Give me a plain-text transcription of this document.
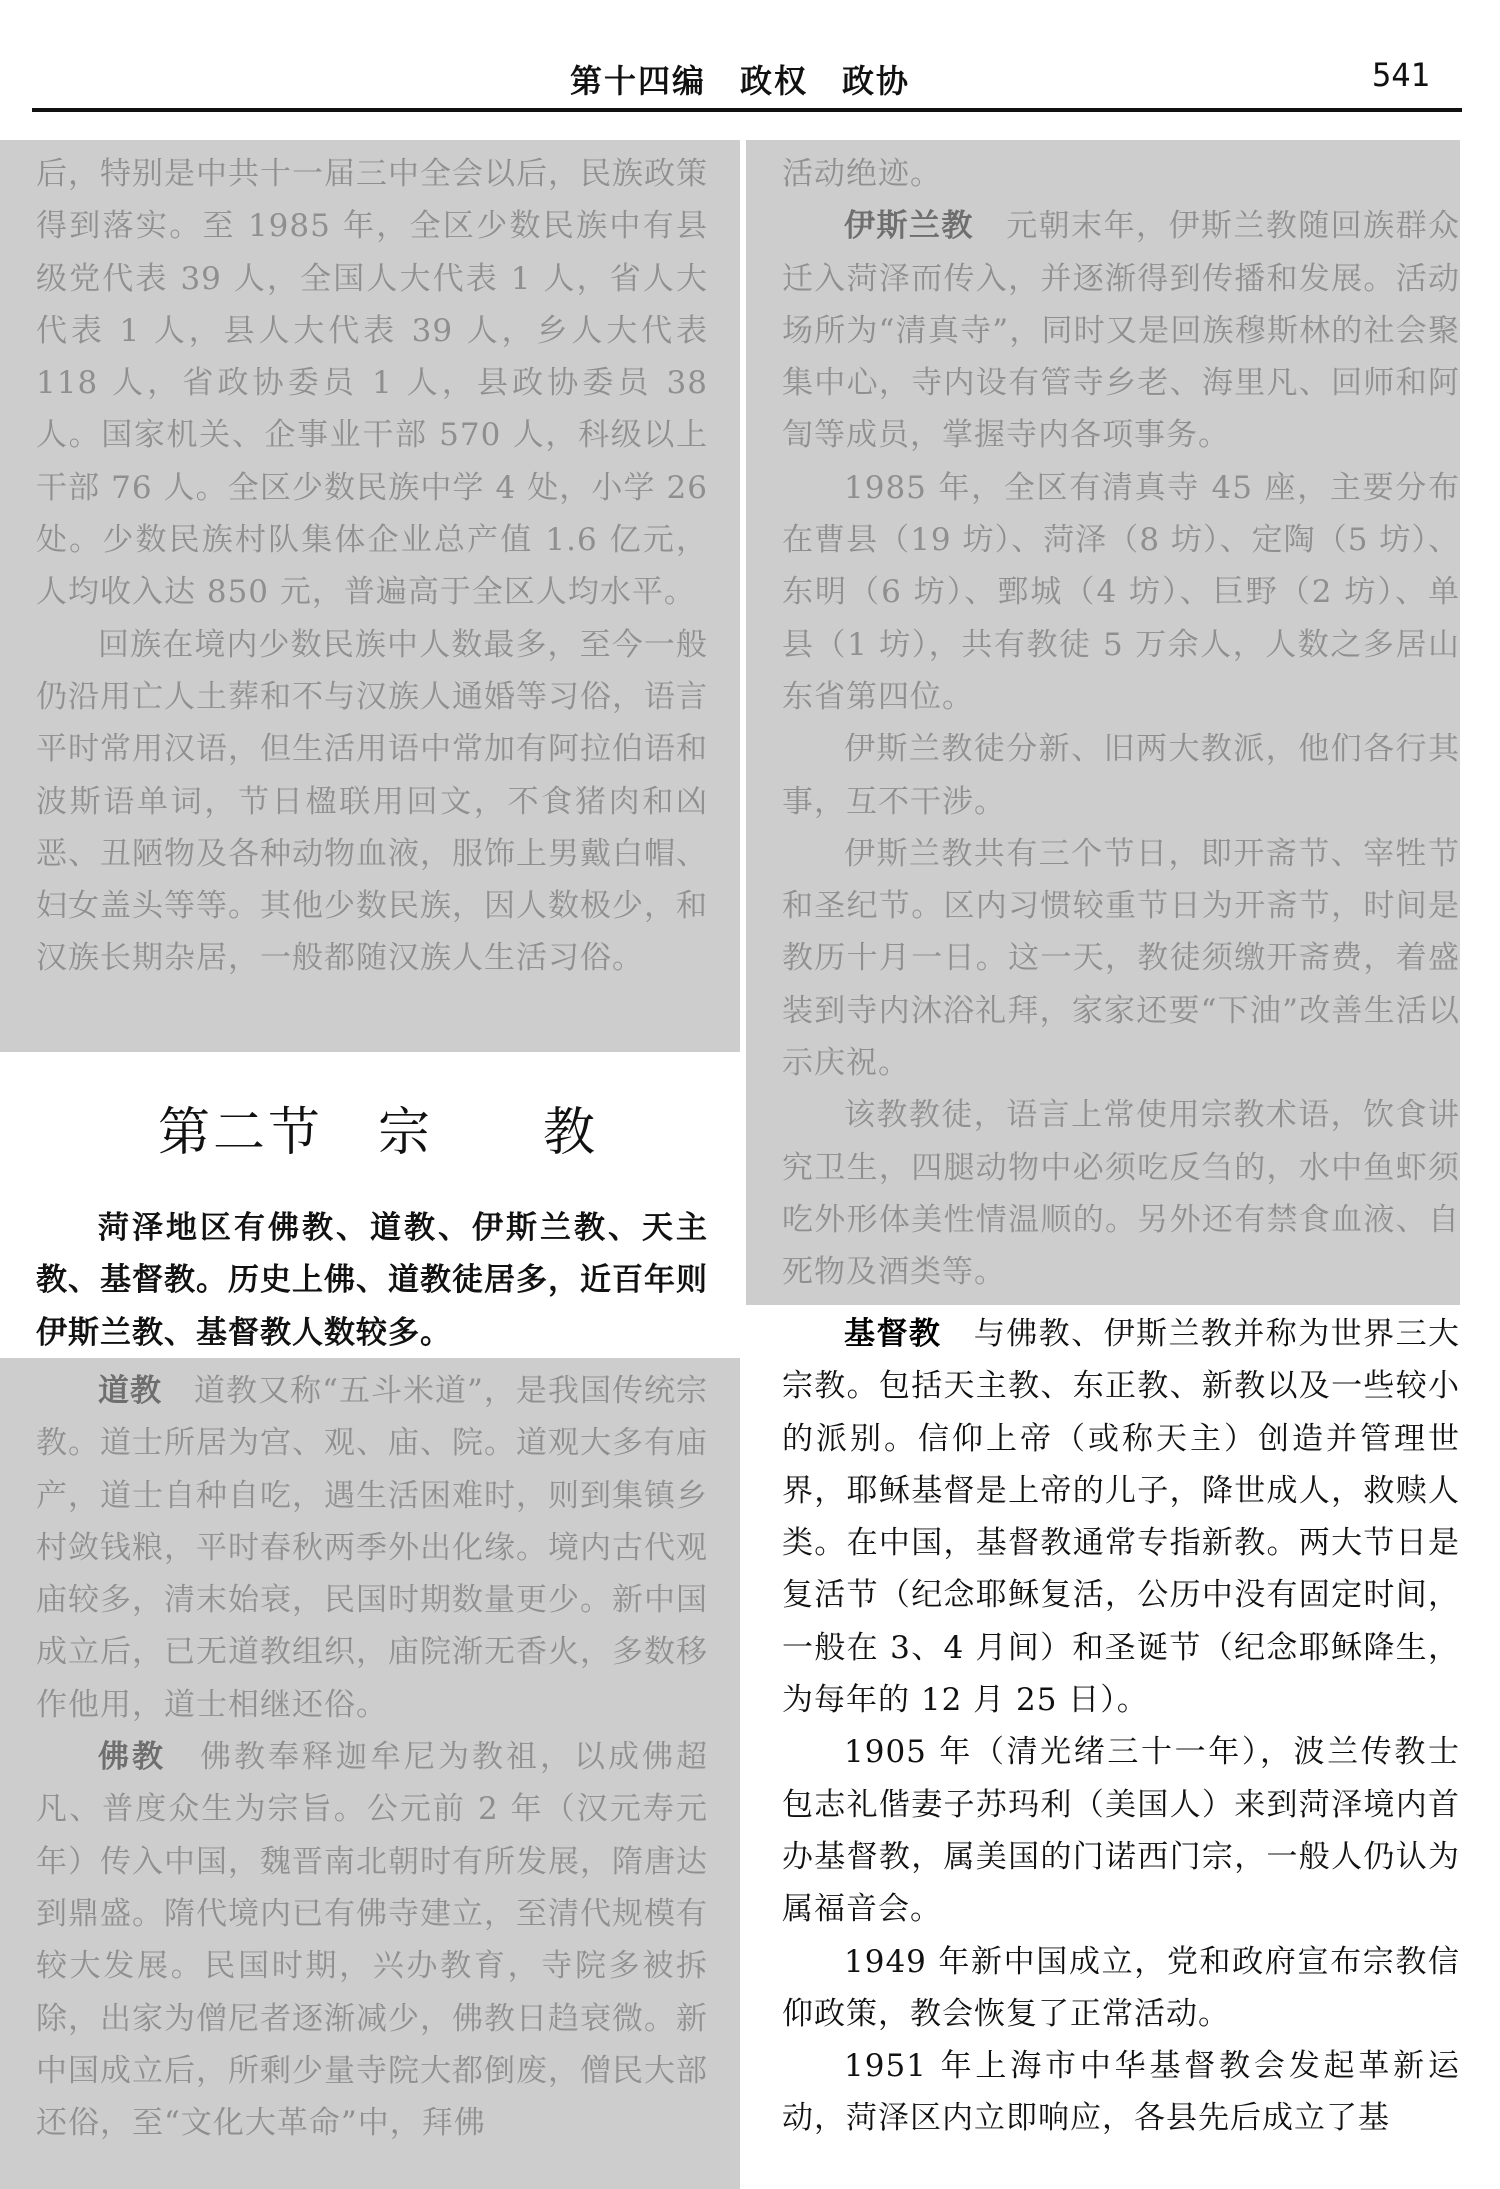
第十四编　政权　政协	541

后，特别是中共十一届三中全会以后，民族政策得到落实。至 1985 年，全区少数民族中有县级党代表 39 人，全国人大代表 1 人，省人大代表 1 人，县人大代表 39 人，乡人大代表 118 人，省政协委员 1 人，县政协委员 38 人。国家机关、企事业干部 570 人，科级以上干部 76 人。全区少数民族中学 4 处，小学 26 处。少数民族村队集体企业总产值 1.6 亿元，人均收入达 850 元，普遍高于全区人均水平。

回族在境内少数民族中人数最多，至今一般仍沿用亡人土葬和不与汉族人通婚等习俗，语言平时常用汉语，但生活用语中常加有阿拉伯语和波斯语单词，节日楹联用回文，不食猪肉和凶恶、丑陋物及各种动物血液，服饰上男戴白帽、妇女盖头等等。其他少数民族，因人数极少，和汉族长期杂居，一般都随汉族人生活习俗。

第二节　宗　　教

菏泽地区有佛教、道教、伊斯兰教、天主教、基督教。历史上佛、道教徒居多，近百年则伊斯兰教、基督教人数较多。

道教　 道教又称“五斗米道”，是我国传统宗教。道士所居为宫、观、庙、院。道观大多有庙产，道士自种自吃，遇生活困难时，则到集镇乡村敛钱粮，平时春秋两季外出化缘。境内古代观庙较多，清末始衰，民国时期数量更少。新中国成立后，已无道教组织，庙院渐无香火，多数移作他用，道士相继还俗。

佛教　 佛教奉释迦牟尼为教祖，以成佛超凡、普度众生为宗旨。公元前 2 年（汉元寿元年）传入中国，魏晋南北朝时有所发展，隋唐达到鼎盛。隋代境内已有佛寺建立，至清代规模有较大发展。民国时期，兴办教育，寺院多被拆除，出家为僧尼者逐渐减少，佛教日趋衰微。新中国成立后，所剩少量寺院大都倒废，僧民大部还俗，至“文化大革命”中，拜佛

活动绝迹。

伊斯兰教　 元朝末年，伊斯兰教随回族群众迁入菏泽而传入，并逐渐得到传播和发展。活动场所为“清真寺”，同时又是回族穆斯林的社会聚集中心，寺内设有管寺乡老、海里凡、回师和阿訇等成员，掌握寺内各项事务。

1985 年，全区有清真寺 45 座，主要分布在曹县（19 坊）、菏泽（8 坊）、定陶（5 坊）、东明（6 坊）、鄄城（4 坊）、巨野（2 坊）、单县（1 坊），共有教徒 5 万余人，人数之多居山东省第四位。

伊斯兰教徒分新、旧两大教派，他们各行其事，互不干涉。

伊斯兰教共有三个节日，即开斋节、宰牲节和圣纪节。区内习惯较重节日为开斋节，时间是教历十月一日。这一天，教徒须缴开斋费，着盛装到寺内沐浴礼拜，家家还要“下油”改善生活以示庆祝。

该教教徒，语言上常使用宗教术语，饮食讲究卫生，四腿动物中必须吃反刍的，水中鱼虾须吃外形体美性情温顺的。另外还有禁食血液、自死物及酒类等。

基督教　 与佛教、伊斯兰教并称为世界三大宗教。包括天主教、东正教、新教以及一些较小的派别。信仰上帝（或称天主）创造并管理世界，耶稣基督是上帝的儿子，降世成人，救赎人类。在中国，基督教通常专指新教。两大节日是复活节（纪念耶稣复活，公历中没有固定时间，一般在 3、4 月间）和圣诞节（纪念耶稣降生，为每年的 12 月 25 日）。

1905 年（清光绪三十一年），波兰传教士包志礼偕妻子苏玛利（美国人）来到菏泽境内首办基督教，属美国的门诺西门宗，一般人仍认为属福音会。

1949 年新中国成立，党和政府宣布宗教信仰政策，教会恢复了正常活动。

1951 年上海市中华基督教会发起革新运动，菏泽区内立即响应，各县先后成立了基
